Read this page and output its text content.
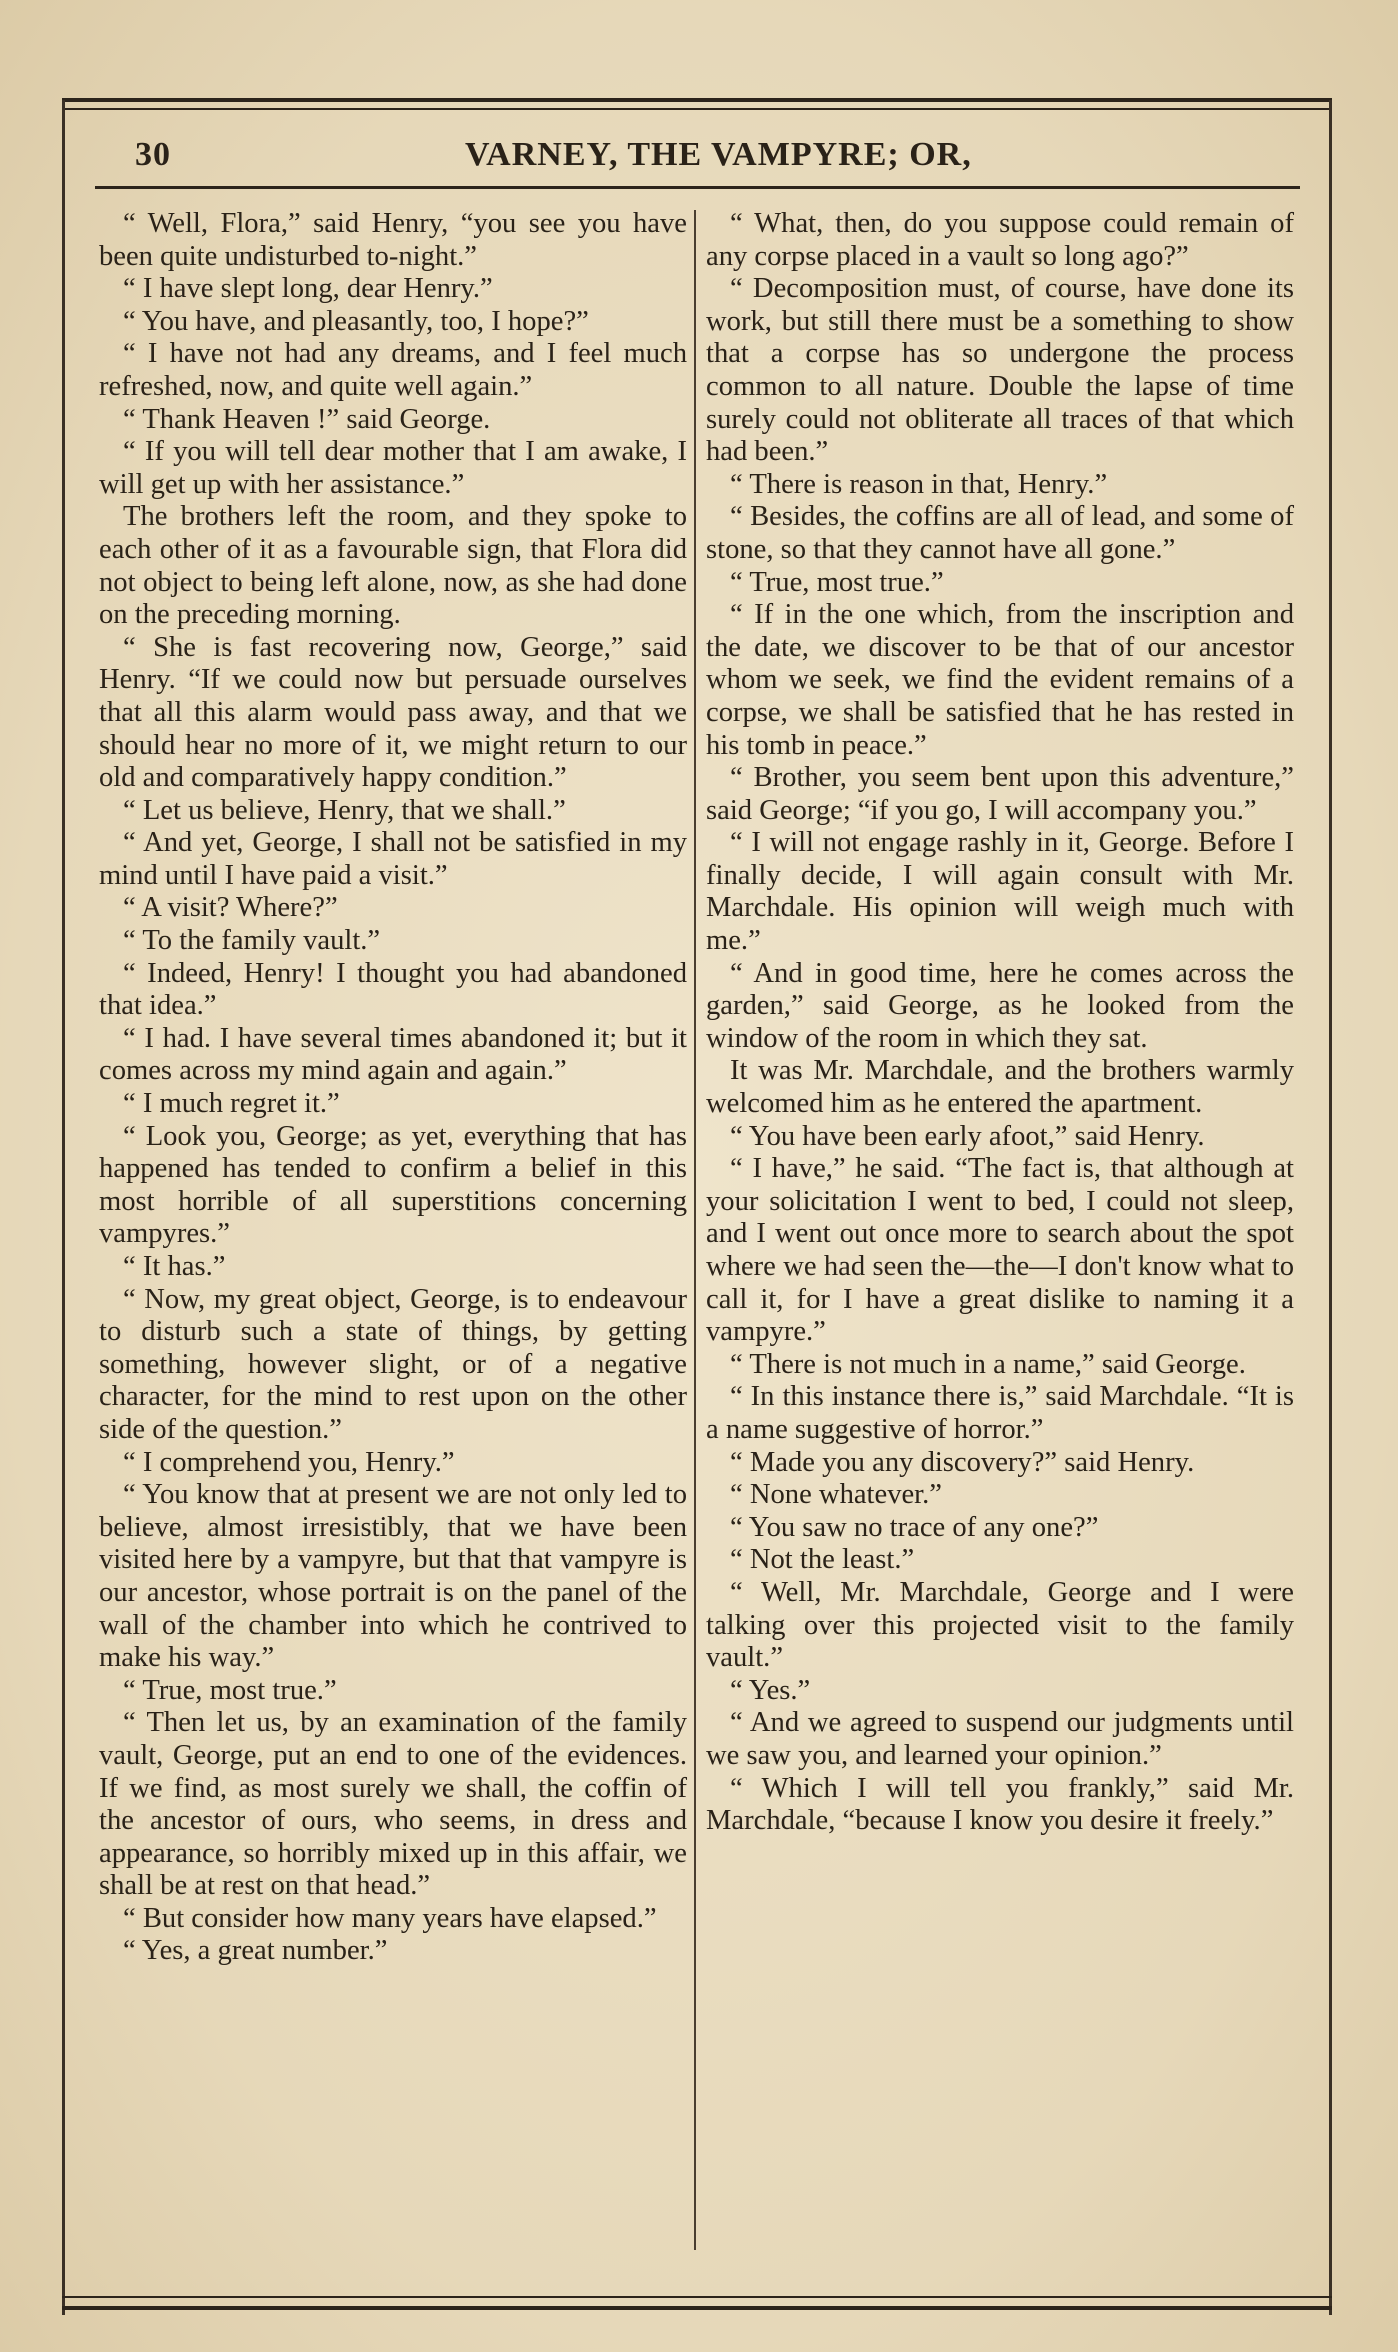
30	VARNEY, THE VAMPYRE; OR,

“ Well, Flora,” said Henry, “you see you have been quite undisturbed to-night.”

“ I have slept long, dear Henry.”

“ You have, and pleasantly, too, I hope?”

“ I have not had any dreams, and I feel much refreshed, now, and quite well again.”

“ Thank Heaven !” said George.

“ If you will tell dear mother that I am awake, I will get up with her assistance.”

The brothers left the room, and they spoke to each other of it as a favourable sign, that Flora did not object to being left alone, now, as she had done on the preceding morning.

“ She is fast recovering now, George,” said Henry. “If we could now but persuade ourselves that all this alarm would pass away, and that we should hear no more of it, we might return to our old and comparatively happy condition.”

“ Let us believe, Henry, that we shall.”

“ And yet, George, I shall not be satisfied in my mind until I have paid a visit.”

“ A visit? Where?”

“ To the family vault.”

“ Indeed, Henry! I thought you had abandoned that idea.”

“ I had. I have several times abandoned it; but it comes across my mind again and again.”

“ I much regret it.”

“ Look you, George; as yet, everything that has happened has tended to confirm a belief in this most horrible of all superstitions concerning vampyres.”

“ It has.”

“ Now, my great object, George, is to endeavour to disturb such a state of things, by getting something, however slight, or of a negative character, for the mind to rest upon on the other side of the question.”

“ I comprehend you, Henry.”

“ You know that at present we are not only led to believe, almost irresistibly, that we have been visited here by a vampyre, but that that vampyre is our ancestor, whose portrait is on the panel of the wall of the chamber into which he contrived to make his way.”

“ True, most true.”

“ Then let us, by an examination of the family vault, George, put an end to one of the evidences. If we find, as most surely we shall, the coffin of the ancestor of ours, who seems, in dress and appearance, so horribly mixed up in this affair, we shall be at rest on that head.”

“ But consider how many years have elapsed.”

“ Yes, a great number.”

“ What, then, do you suppose could remain of any corpse placed in a vault so long ago?”

“ Decomposition must, of course, have done its work, but still there must be a something to show that a corpse has so undergone the process common to all nature. Double the lapse of time surely could not obliterate all traces of that which had been.”

“ There is reason in that, Henry.”

“ Besides, the coffins are all of lead, and some of stone, so that they cannot have all gone.”

“ True, most true.”

“ If in the one which, from the inscription and the date, we discover to be that of our ancestor whom we seek, we find the evident remains of a corpse, we shall be satisfied that he has rested in his tomb in peace.”

“ Brother, you seem bent upon this adventure,” said George; “if you go, I will accompany you.”

“ I will not engage rashly in it, George. Before I finally decide, I will again consult with Mr. Marchdale. His opinion will weigh much with me.”

“ And in good time, here he comes across the garden,” said George, as he looked from the window of the room in which they sat.

It was Mr. Marchdale, and the brothers warmly welcomed him as he entered the apartment.

“ You have been early afoot,” said Henry.

“ I have,” he said. “The fact is, that although at your solicitation I went to bed, I could not sleep, and I went out once more to search about the spot where we had seen the—the—I don't know what to call it, for I have a great dislike to naming it a vampyre.”

“ There is not much in a name,” said George.

“ In this instance there is,” said Marchdale. “It is a name suggestive of horror.”

“ Made you any discovery?” said Henry.

“ None whatever.”

“ You saw no trace of any one?”

“ Not the least.”

“ Well, Mr. Marchdale, George and I were talking over this projected visit to the family vault.”

“ Yes.”

“ And we agreed to suspend our judgments until we saw you, and learned your opinion.”

“ Which I will tell you frankly,” said Mr. Marchdale, “because I know you desire it freely.”
